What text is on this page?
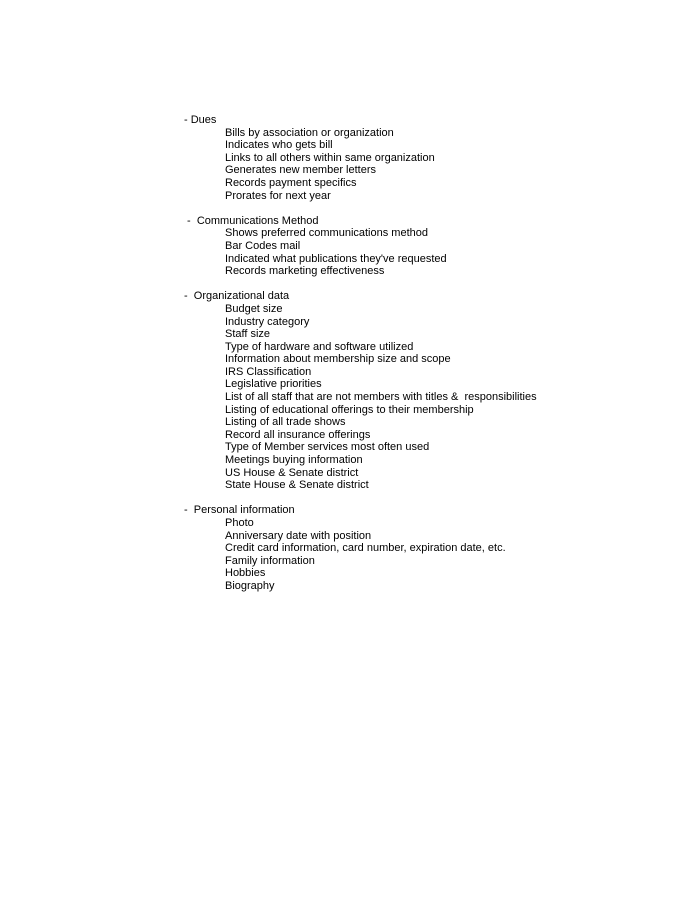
- Dues
Bills by association or organization
Indicates who gets bill
Links to all others within same organization
Generates new member letters
Records payment specifics
Prorates for next year
-  Communications Method
Shows preferred communications method
Bar Codes mail
Indicated what publications they've requested
Records marketing effectiveness
-  Organizational data
Budget size
Industry category
Staff size
Type of hardware and software utilized
Information about membership size and scope
IRS Classification
Legislative priorities
List of all staff that are not members with titles &  responsibilities
Listing of educational offerings to their membership
Listing of all trade shows
Record all insurance offerings
Type of Member services most often used
Meetings buying information
US House & Senate district
State House & Senate district
-  Personal information
Photo
Anniversary date with position
Credit card information, card number, expiration date, etc.
Family information
Hobbies
Biography
